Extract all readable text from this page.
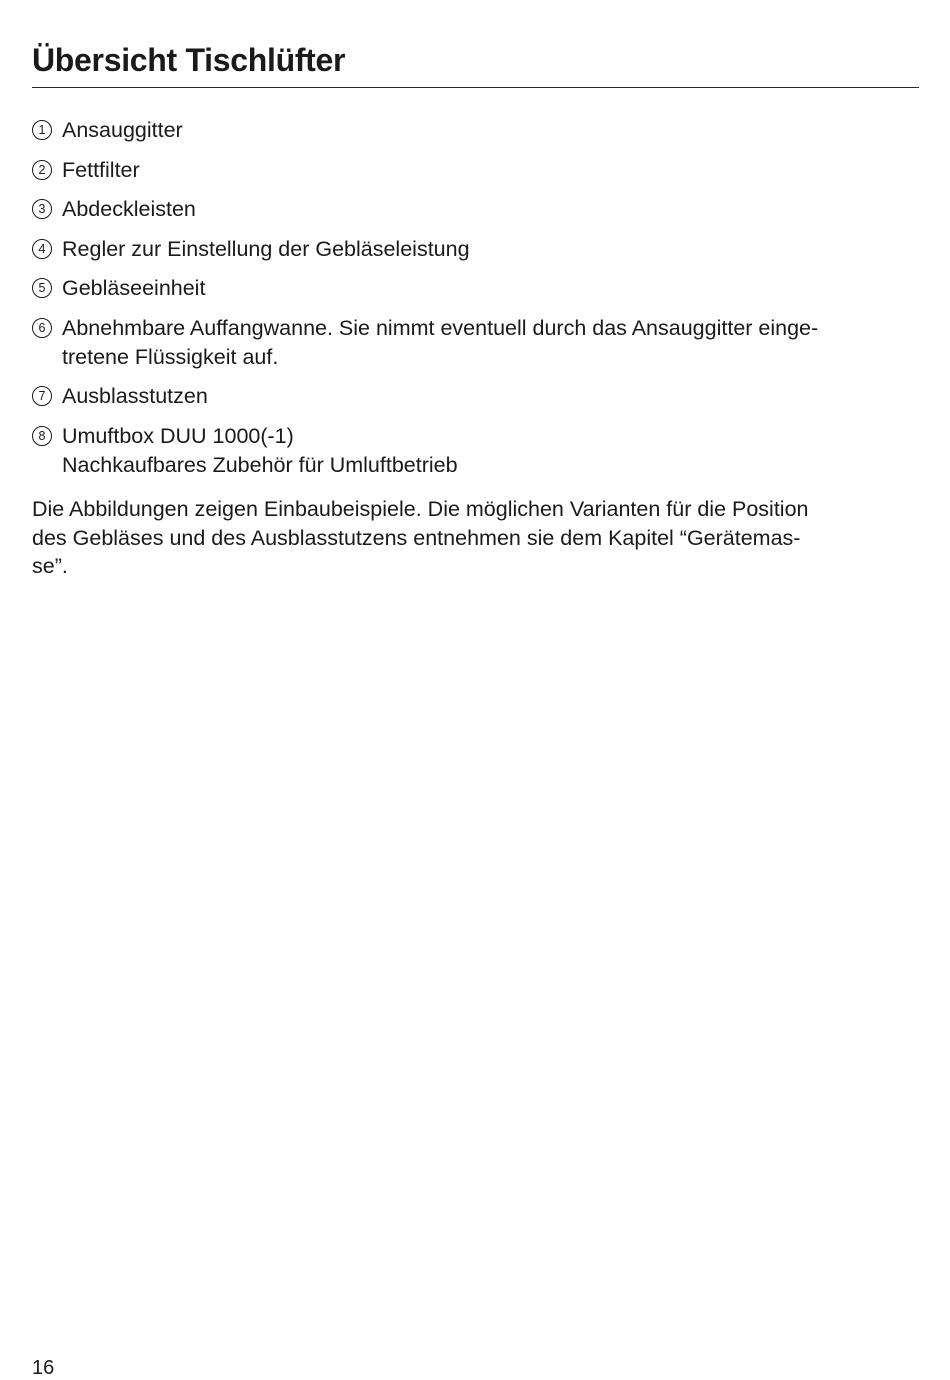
Übersicht Tischlüfter
1 Ansauggitter
2 Fettfilter
3 Abdeckleisten
4 Regler zur Einstellung der Gebläseleistung
5 Gebläseeinheit
6 Abnehmbare Auffangwanne. Sie nimmt eventuell durch das Ansauggitter einge-
tretene Flüssigkeit auf.
7 Ausblasstutzen
8 Umuftbox DUU 1000(-1)
Nachkaufbares Zubehör für Umluftbetrieb

Die Abbildungen zeigen Einbaubeispiele. Die möglichen Varianten für die Position
des Gebläses und des Ausblasstutzens entnehmen sie dem Kapitel “Gerätemas-
se”.

16
